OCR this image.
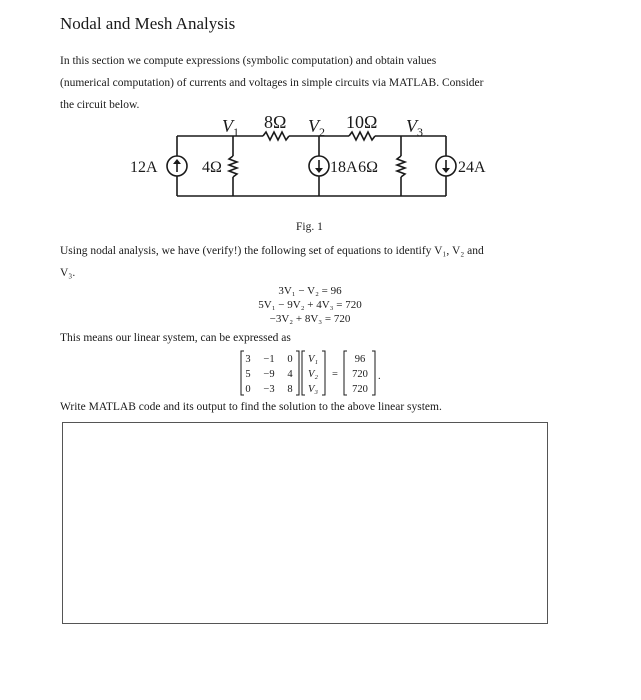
Nodal and Mesh Analysis
In this section we compute expressions (symbolic computation) and obtain values
(numerical computation) of currents and voltages in simple circuits via MATLAB. Consider
the circuit below.
$V_1$ 8Ω $V_2$ 10Ω $V_3$
12A	4Ω	18A 6Ω	24A
Fig. 1
Using nodal analysis, we have (verify!) the following set of equations to identify V₁, V₂ and
V₃.
3V₁ − V₂ = 96
5V₁ − 9V₂ + 4V₃ = 720
−3V₂ + 8V₃ = 720
This means our linear system, can be expressed as
3 −1 0
5 −9 4
0 −3 8
V₁
V₂
V₃
=
96
720
720
.
Write MATLAB code and its output to find the solution to the above linear system.
